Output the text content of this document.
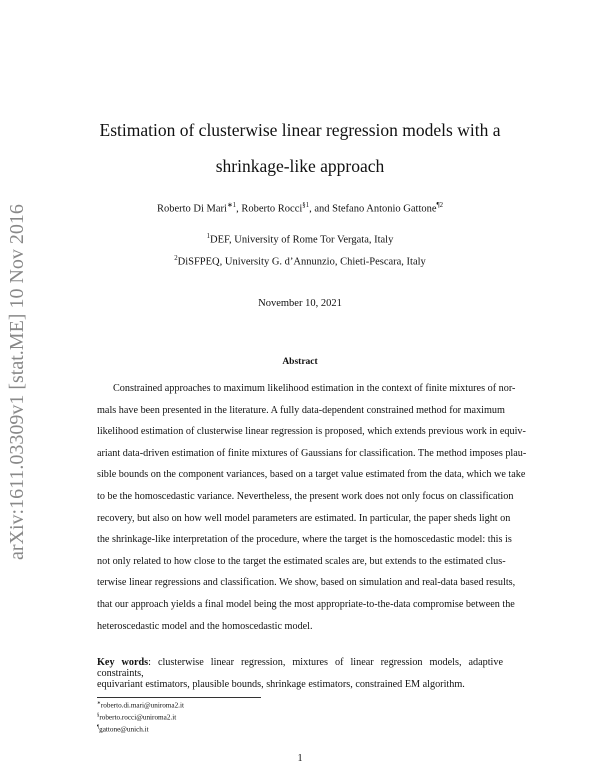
arXiv:1611.03309v1 [stat.ME] 10 Nov 2016
Estimation of clusterwise linear regression models with a
shrinkage-like approach
Roberto Di Mari$^{∗1}$, Roberto Rocci$^{\S 1}$, and Stefano Antonio Gattone$^{\P 2}$
$^1$DEF, University of Rome Tor Vergata, Italy
$^2$DiSFPEQ, University G. d’Annunzio, Chieti-Pescara, Italy
November 10, 2021
Abstract
Constrained approaches to maximum likelihood estimation in the context of finite mixtures of nor-
mals have been presented in the literature. A fully data-dependent constrained method for maximum
likelihood estimation of clusterwise linear regression is proposed, which extends previous work in equiv-
ariant data-driven estimation of finite mixtures of Gaussians for classification. The method imposes plau-
sible bounds on the component variances, based on a target value estimated from the data, which we take
to be the homoscedastic variance. Nevertheless, the present work does not only focus on classification
recovery, but also on how well model parameters are estimated. In particular, the paper sheds light on
the shrinkage-like interpretation of the procedure, where the target is the homoscedastic model: this is
not only related to how close to the target the estimated scales are, but extends to the estimated clus-
terwise linear regressions and classification. We show, based on simulation and real-data based results,
that our approach yields a final model being the most appropriate-to-the-data compromise between the
heteroscedastic model and the homoscedastic model.
Key words: clusterwise linear regression, mixtures of linear regression models, adaptive constraints,
equivariant estimators, plausible bounds, shrinkage estimators, constrained EM algorithm.
∗roberto.di.mari@uniroma2.it
§roberto.rocci@uniroma2.it
¶gattone@unich.it
1
